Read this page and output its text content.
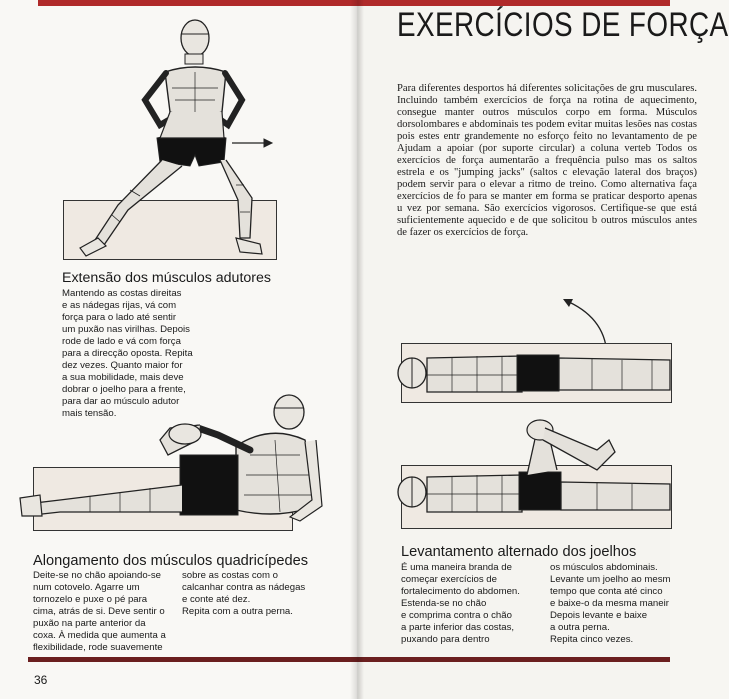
Extensão dos músculos adutores
Mantendo as costas direitas
e as nádegas rijas, vá com
força para o lado até sentir
um puxão nas virilhas. Depois
rode de lado e vá com força
para a direcção oposta. Repita
dez vezes. Quanto maior for
a sua mobilidade, mais deve
dobrar o joelho para a frente,
para dar ao músculo adutor
mais tensão.
Alongamento dos músculos quadricípedes
Deite-se no chão apoiando-se
num cotovelo. Agarre um
tornozelo e puxe o pé para
cima, atrás de si. Deve sentir o
puxão na parte anterior da
coxa. À medida que aumenta a
flexibilidade, rode suavemente
sobre as costas com o
calcanhar contra as nádegas
e conte até dez.
Repita com a outra perna.
36
EXERCÍCIOS DE FORÇA
Para diferentes desportos há diferentes solicitações de gru musculares. Incluindo também exercícios de força na rotina de aquecimento, consegue manter outros músculos corpo em forma. Músculos dorsolombares e abdominais tes podem evitar muitas lesões nas costas pois estes entr grandemente no esforço feito no levantamento de pe Ajudam a apoiar (por suporte circular) a coluna verteb Todos os exercícios de força aumentarão a frequência pulso mas os saltos estrela e os "jumping jacks" (saltos c elevação lateral dos braços) podem servir para o elevar a ritmo de treino. Como alternativa faça exercícios de fo para se manter em forma se praticar desporto apenas u vez por semana. São exercícios vigorosos. Certifique-se que está suficientemente aquecido e de que solicitou b outros músculos antes de fazer os exercícios de força.
Levantamento alternado dos joelhos
É uma maneira branda de
começar exercícios de
fortalecimento do abdomen.
Estenda-se no chão
e comprima contra o chão
a parte inferior das costas,
puxando para dentro
os músculos abdominais.
Levante um joelho ao mesm
tempo que conta até cinco
e baixe-o da mesma maneir
Depois levante e baixe
a outra perna.
Repita cinco vezes.
